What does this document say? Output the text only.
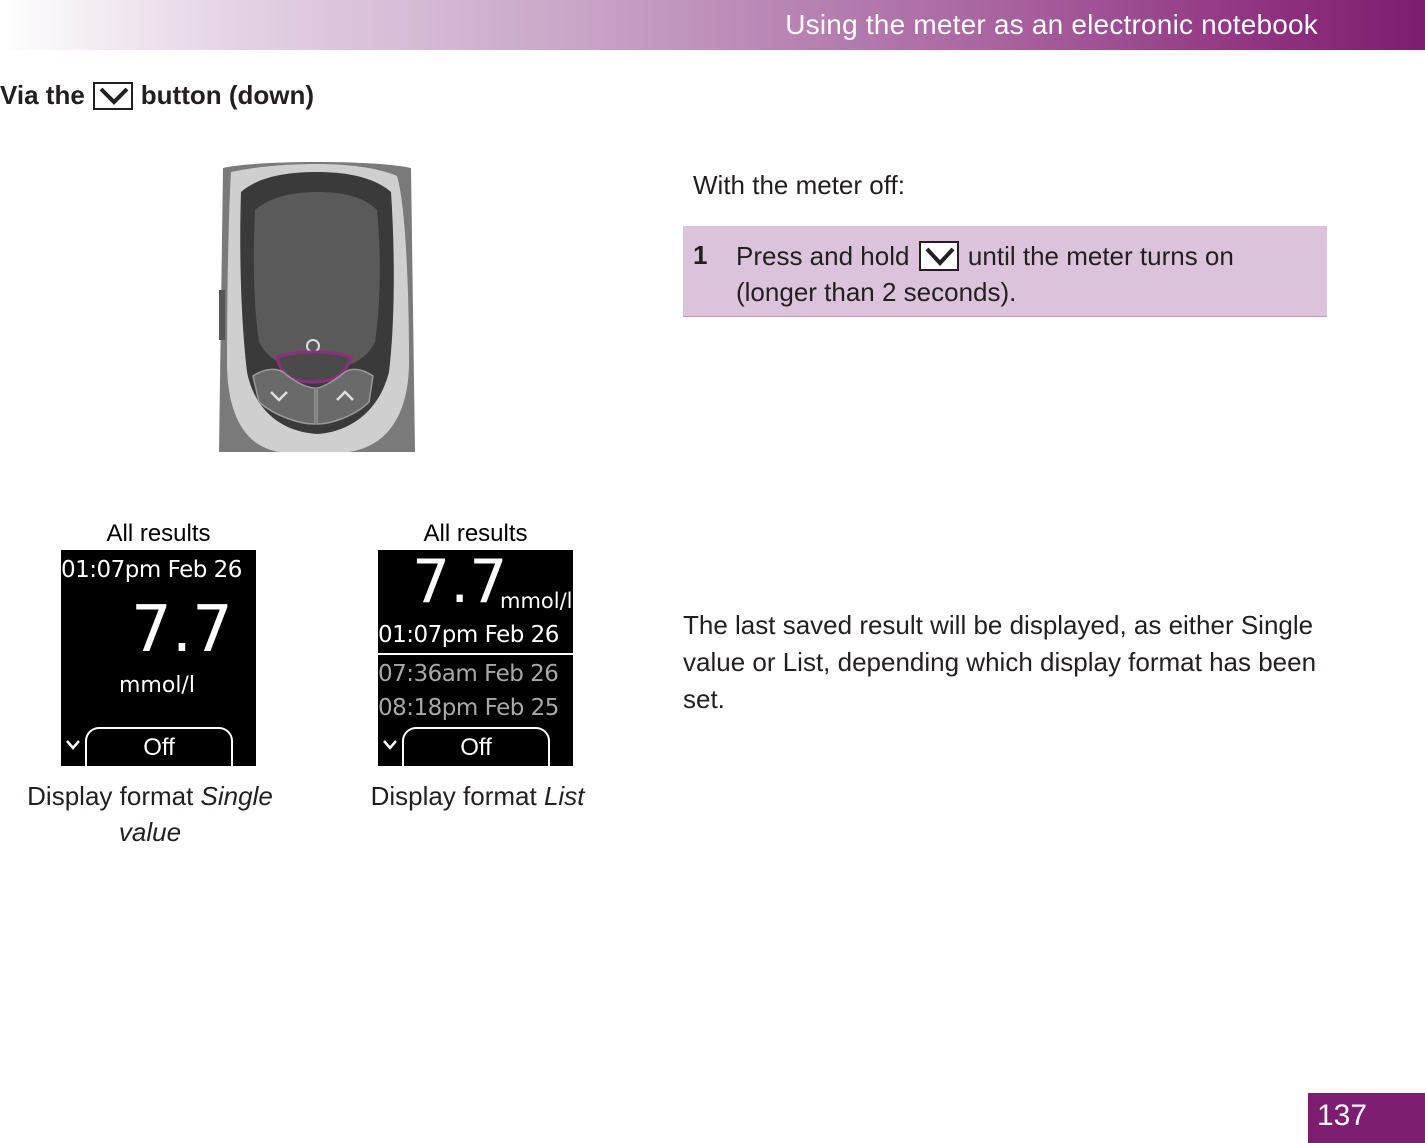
Using the meter as an electronic notebook
Via the button (down)
With the meter off:
1 Press and hold until the meter turns on (longer than 2 seconds).
The last saved result will be displayed, as either Single value or List, depending which display format has been set.
All results
01:07pm Feb 26
7.7
mmol/l
Off
All results
7.7
mmol/l
01:07pm Feb 26
07:36am Feb 26
08:18pm Feb 25
Off
Display format Single value
Display format List
137
